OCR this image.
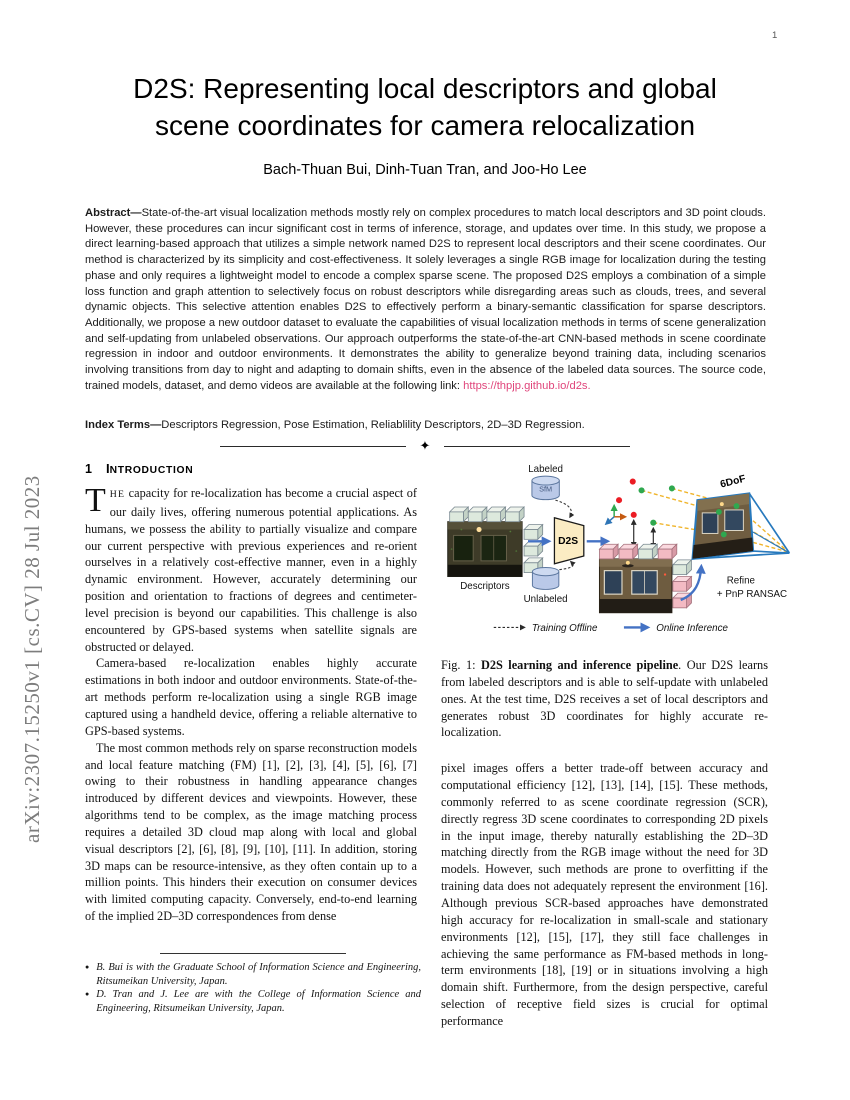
1
arXiv:2307.15250v1 [cs.CV] 28 Jul 2023
D2S: Representing local descriptors and global
scene coordinates for camera relocalization
Bach-Thuan Bui, Dinh-Tuan Tran, and Joo-Ho Lee
Abstract—State-of-the-art visual localization methods mostly rely on complex procedures to match local descriptors and 3D point clouds. However, these procedures can incur significant cost in terms of inference, storage, and updates over time. In this study, we propose a direct learning-based approach that utilizes a simple network named D2S to represent local descriptors and their scene coordinates. Our method is characterized by its simplicity and cost-effectiveness. It solely leverages a single RGB image for localization during the testing phase and only requires a lightweight model to encode a complex sparse scene. The proposed D2S employs a combination of a simple loss function and graph attention to selectively focus on robust descriptors while disregarding areas such as clouds, trees, and several dynamic objects. This selective attention enables D2S to effectively perform a binary-semantic classification for sparse descriptors. Additionally, we propose a new outdoor dataset to evaluate the capabilities of visual localization methods in terms of scene generalization and self-updating from unlabeled observations. Our approach outperforms the state-of-the-art CNN-based methods in scene coordinate regression in indoor and outdoor environments. It demonstrates the ability to generalize beyond training data, including scenarios involving transitions from day to night and adapting to domain shifts, even in the absence of the labeled data sources. The source code, trained models, dataset, and demo videos are available at the following link: https://thpjp.github.io/d2s.
Index Terms—Descriptors Regression, Pose Estimation, Reliablility Descriptors, 2D–3D Regression.
✦
1 INTRODUCTION

THE capacity for re-localization has become a crucial aspect of our daily lives, offering numerous potential applications. As humans, we possess the ability to partially visualize and compare our current perspective with previous experiences and re-orient ourselves in a relatively cost-effective manner, even in a highly dynamic environment. However, accurately determining our position and orientation to fractions of degrees and centimeter-level precision is beyond our capabilities. This challenge is also encountered by GPS-based systems when satellite signals are obstructed or delayed.

Camera-based re-localization enables highly accurate estimations in both indoor and outdoor environments. State-of-the-art methods perform re-localization using a single RGB image captured using a handheld device, offering a reliable alternative to GPS-based systems.

The most common methods rely on sparse reconstruction models and local feature matching (FM) [1], [2], [3], [4], [5], [6], [7] owing to their robustness in handling appearance changes introduced by different devices and viewpoints. However, these algorithms tend to be complex, as the image matching process requires a detailed 3D cloud map along with local and global visual descriptors [2], [6], [8], [9], [10], [11]. In addition, storing 3D maps can be resource-intensive, as they often contain up to a million points. This hinders their execution on consumer devices with limited computing capacity. Conversely, end-to-end learning of the implied 2D–3D correspondences from dense

Descriptors
Labeled
SfM
Unlabeled
D2S
Refine
+ PnP RANSAC
6DoF
Training Offline	Online Inference

Fig. 1: D2S learning and inference pipeline. Our D2S learns from labeled descriptors and is able to self-update with unlabeled ones. At the test time, D2S receives a set of local descriptors and generates robust 3D coordinates for highly accurate re-localization.

pixel images offers a better trade-off between accuracy and computational efficiency [12], [13], [14], [15]. These methods, commonly referred to as scene coordinate regression (SCR), directly regress 3D scene coordinates to corresponding 2D pixels in the input image, thereby naturally establishing the 2D–3D matching directly from the RGB image without the need for 3D models. However, such methods are prone to overfitting if the training data does not adequately represent the environment [16]. Although previous SCR-based approaches have demonstrated high accuracy for re-localization in small-scale and stationary environments [12], [15], [17], they still face challenges in achieving the same performance as FM-based methods in long-term environments [18], [19] or in situations involving a high domain shift. Furthermore, from the design perspective, careful selection of receptive field sizes is crucial for optimal performance

● B. Bui is with the Graduate School of Information Science and Engineering, Ritsumeikan University, Japan.
● D. Tran and J. Lee are with the College of Information Science and Engineering, Ritsumeikan University, Japan.
